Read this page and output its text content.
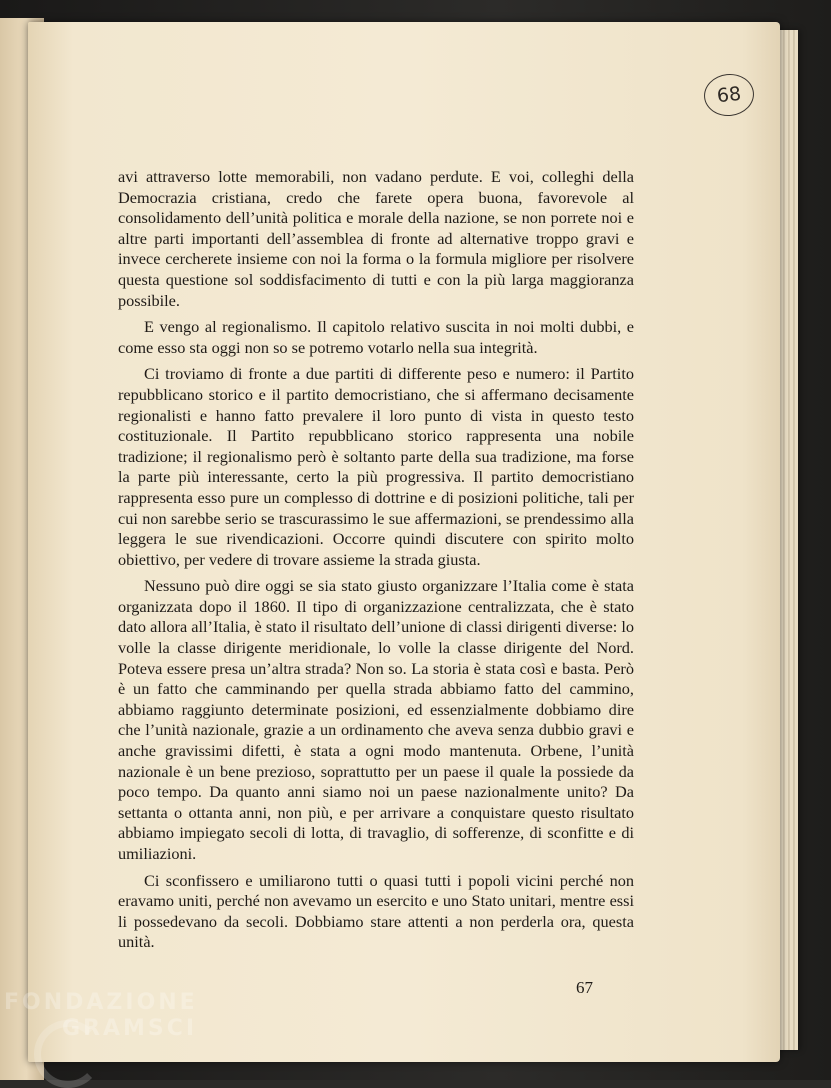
68

avi attraverso lotte memorabili, non vadano perdute. E voi, colleghi della Democrazia cristiana, credo che farete opera buona, favorevole al consolidamento dell’unità politica e morale della nazione, se non porrete noi e altre parti importanti dell’assemblea di fronte ad alternative troppo gravi e invece cercherete insieme con noi la forma o la formula migliore per risolvere questa questione sol soddisfacimento di tutti e con la più larga maggioranza possibile.

E vengo al regionalismo. Il capitolo relativo suscita in noi molti dubbi, e come esso sta oggi non so se potremo votarlo nella sua integrità.

Ci troviamo di fronte a due partiti di differente peso e numero: il Partito repubblicano storico e il partito democristiano, che si affermano decisamente regionalisti e hanno fatto prevalere il loro punto di vista in questo testo costituzionale. Il Partito repubblicano storico rappresenta una nobile tradizione; il regionalismo però è soltanto parte della sua tradizione, ma forse la parte più interessante, certo la più progressiva. Il partito democristiano rappresenta esso pure un complesso di dottrine e di posizioni politiche, tali per cui non sarebbe serio se trascurassimo le sue affermazioni, se prendessimo alla leggera le sue rivendicazioni. Occorre quindi discutere con spirito molto obiettivo, per vedere di trovare assieme la strada giusta.

Nessuno può dire oggi se sia stato giusto organizzare l’Italia come è stata organizzata dopo il 1860. Il tipo di organizzazione centralizzata, che è stato dato allora all’Italia, è stato il risultato dell’unione di classi dirigenti diverse: lo volle la classe dirigente meridionale, lo volle la classe dirigente del Nord. Poteva essere presa un’altra strada? Non so. La storia è stata così e basta. Però è un fatto che camminando per quella strada abbiamo fatto del cammino, abbiamo raggiunto determinate posizioni, ed essenzialmente dobbiamo dire che l’unità nazionale, grazie a un ordinamento che aveva senza dubbio gravi e anche gravissimi difetti, è stata a ogni modo mantenuta. Orbene, l’unità nazionale è un bene prezioso, soprattutto per un paese il quale la possiede da poco tempo. Da quanto anni siamo noi un paese nazionalmente unito? Da settanta o ottanta anni, non più, e per arrivare a conquistare questo risultato abbiamo impiegato secoli di lotta, di travaglio, di sofferenze, di sconfitte e di umiliazioni.

Ci sconfissero e umiliarono tutti o quasi tutti i popoli vicini perché non eravamo uniti, perché non avevamo un esercito e uno Stato unitari, mentre essi li possedevano da secoli. Dobbiamo stare attenti a non perderla ora, questa unità.

67
FONDAZIONE
GRAMSCI
